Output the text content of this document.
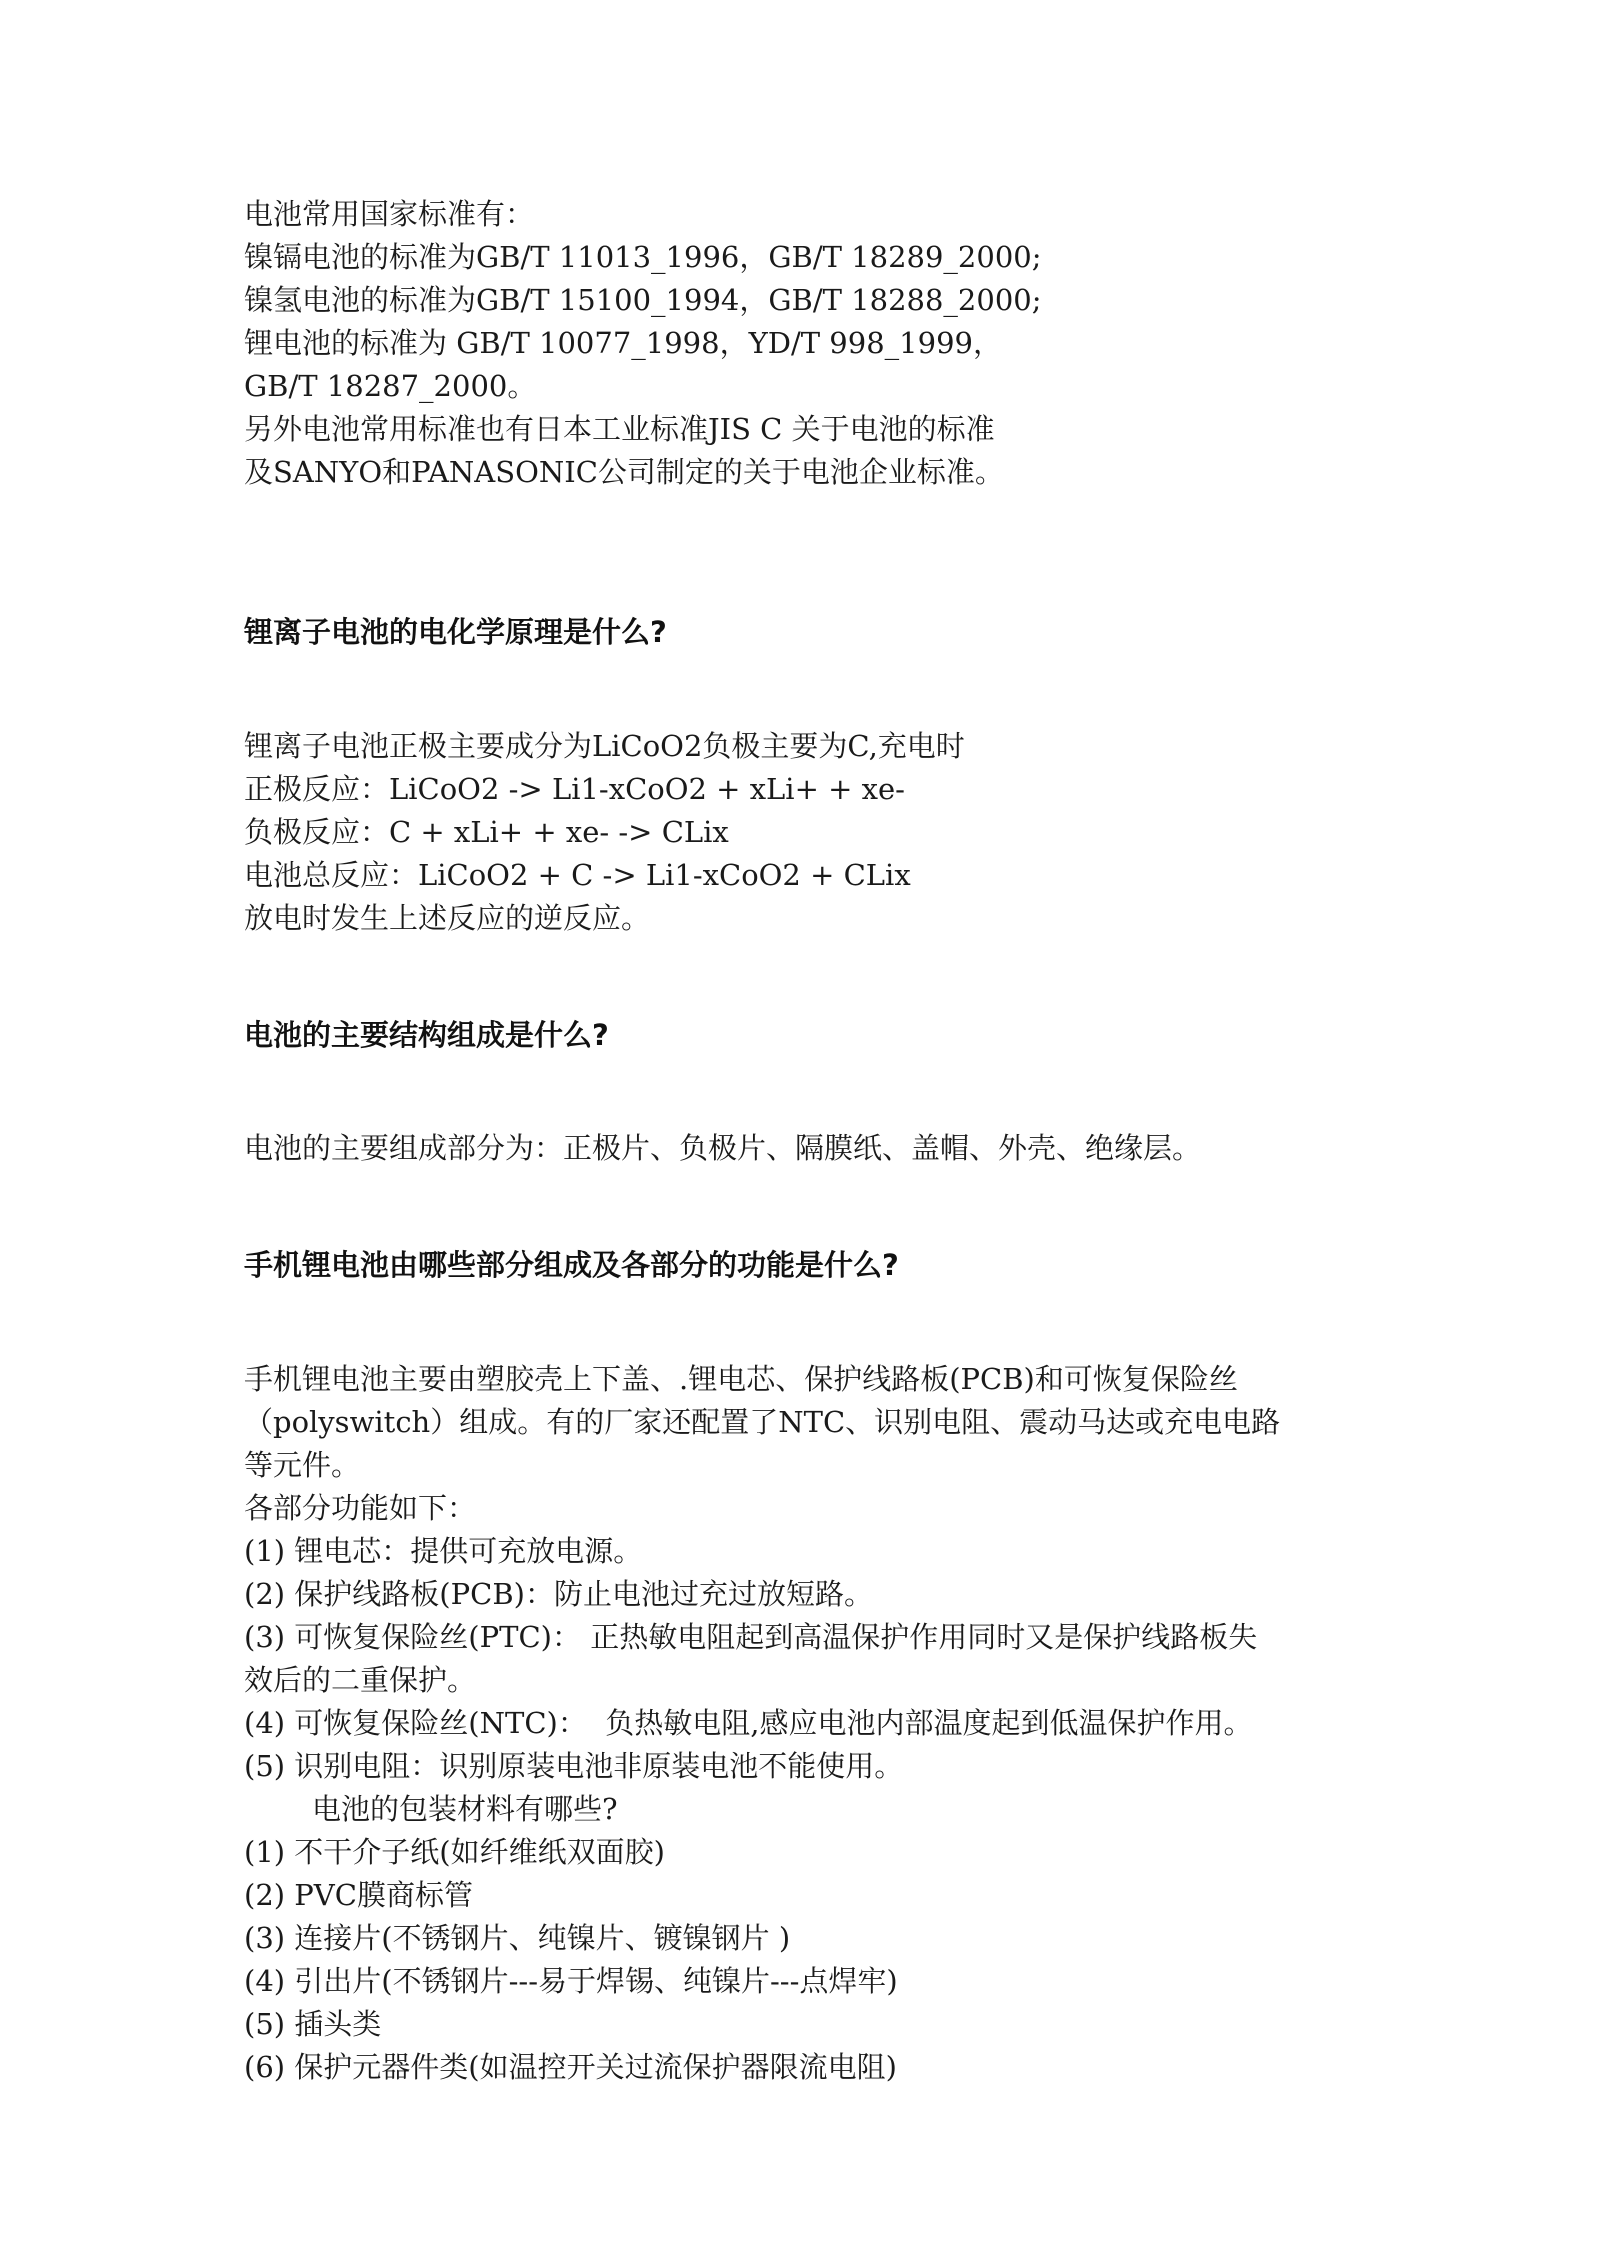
电池常用国家标准有：
镍镉电池的标准为GB/T 11013_1996，GB/T 18289_2000;
镍氢电池的标准为GB/T 15100_1994，GB/T 18288_2000;
锂电池的标准为 GB/T 10077_1998，YD/T 998_1999，
GB/T 18287_2000。
另外电池常用标准也有日本工业标准JIS C 关于电池的标准
及SANYO和PANASONIC公司制定的关于电池企业标准。
锂离子电池的电化学原理是什么?
锂离子电池正极主要成分为LiCoO2负极主要为C,充电时
正极反应：LiCoO2 -> Li1-xCoO2 + xLi+ + xe-
负极反应：C + xLi+ + xe- -> CLix
电池总反应：LiCoO2 + C -> Li1-xCoO2 + CLix
放电时发生上述反应的逆反应。
电池的主要结构组成是什么?
电池的主要组成部分为：正极片、负极片、隔膜纸、盖帽、外壳、绝缘层。
手机锂电池由哪些部分组成及各部分的功能是什么?
手机锂电池主要由塑胶壳上下盖、.锂电芯、保护线路板(PCB)和可恢复保险丝
（polyswitch）组成。有的厂家还配置了NTC、识别电阻、震动马达或充电电路
等元件。
各部分功能如下：
(1) 锂电芯：提供可充放电源。
(2) 保护线路板(PCB)：防止电池过充过放短路。
(3) 可恢复保险丝(PTC)： 正热敏电阻起到高温保护作用同时又是保护线路板失
效后的二重保护。
(4) 可恢复保险丝(NTC)：  负热敏电阻,感应电池内部温度起到低温保护作用。
(5) 识别电阻：识别原装电池非原装电池不能使用。
电池的包装材料有哪些?
(1) 不干介子纸(如纤维纸双面胶)
(2) PVC膜商标管
(3) 连接片(不锈钢片、纯镍片、镀镍钢片 )
(4) 引出片(不锈钢片---易于焊锡、纯镍片---点焊牢)
(5) 插头类
(6) 保护元器件类(如温控开关过流保护器限流电阻)
